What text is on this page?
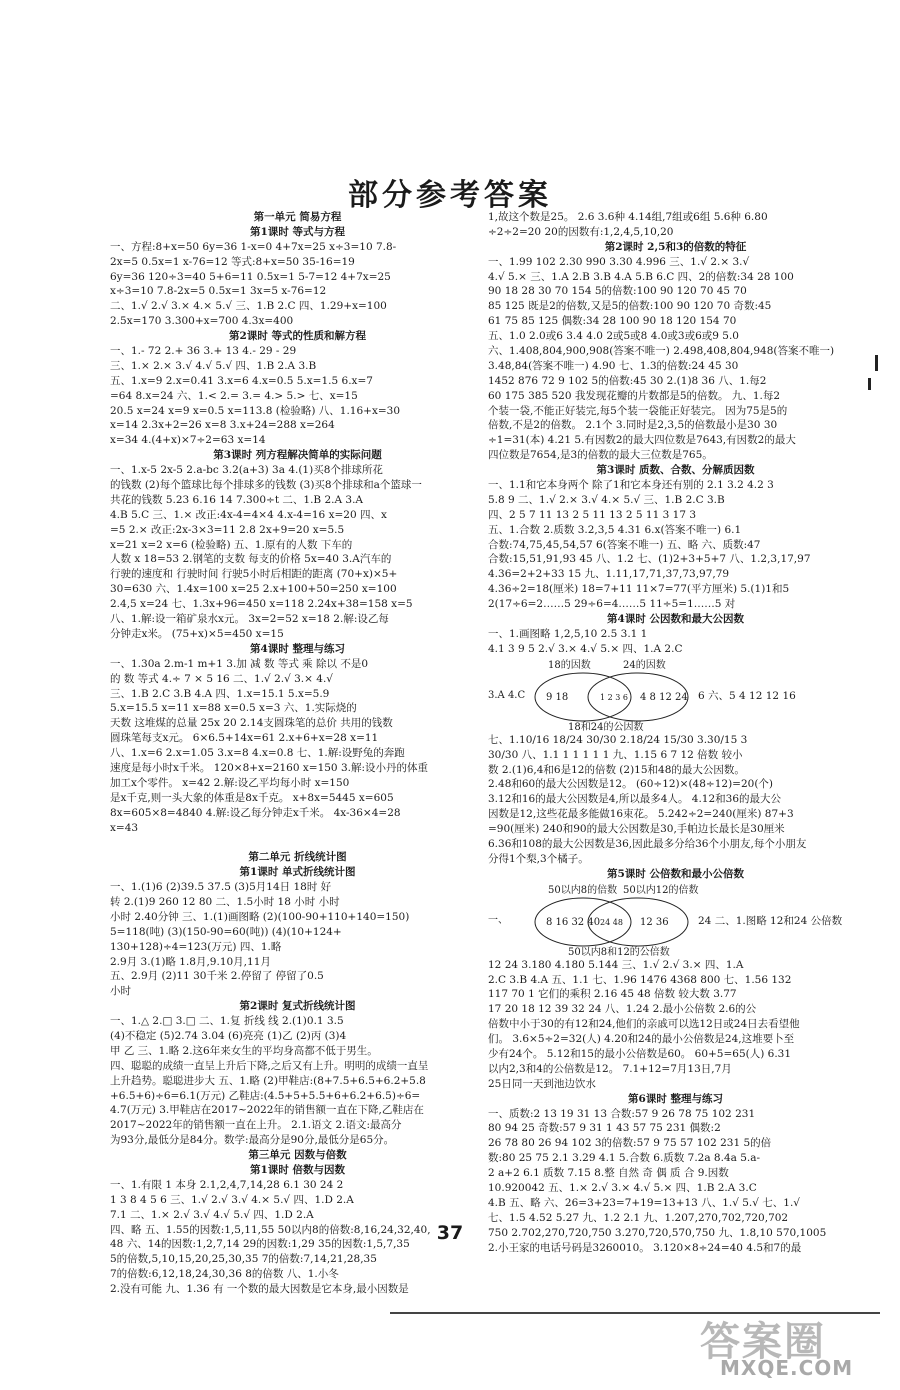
部分参考答案
第一单元 简易方程
第1课时 等式与方程
一、方程:8+x=50 6y=36 1-x=0 4+7x=25 x÷3=10 7.8-
2x=5 0.5x=1 x-76=12 等式:8+x=50 35-16=19
6y=36 120÷3=40 5+6=11 0.5x=1 5-7=12 4+7x=25
x÷3=10 7.8-2x=5 0.5x=1 3x=5 x-76=12
二、1.√ 2.√ 3.× 4.× 5.√ 三、1.B 2.C 四、1.29+x=100
2.5x=170 3.300+x=700 4.3x=400
第2课时 等式的性质和解方程
一、1.- 72 2.+ 36 3.+ 13 4.- 29 - 29
三、1.× 2.× 3.√ 4.√ 5.√ 四、1.B 2.A 3.B
五、1.x=9 2.x=0.41 3.x=6 4.x=0.5 5.x=1.5 6.x=7
=64 8.x=24 六、1.< 2.= 3.= 4.> 5.> 七、x=15
20.5 x=24 x=9 x=0.5 x=113.8 (检验略) 八、1.16+x=30
x=14 2.3x+2=26 x=8 3.x+24=288 x=264
x=34 4.(4+x)×7÷2=63 x=14
第3课时 列方程解决简单的实际问题
一、1.x-5 2x-5 2.a-bc 3.2(a+3) 3a 4.(1)买8个排球所花
的钱数 (2)每个篮球比每个排球多的钱数 (3)买8个排球和a个篮球一
共花的钱数 5.23 6.16 14 7.300÷t 二、1.B 2.A 3.A
4.B 5.C 三、1.× 改正:4x-4=4×4 4.x-4=16 x=20 四、x
=5 2.× 改正:2x-3×3=11 2.8 2x+9=20 x=5.5
x=21 x=2 x=6 (检验略) 五、1.原有的人数 下车的
人数 x 18=53 2.钢笔的支数 每支的价格 5x=40 3.A汽车的
行驶的速度和 行驶时间 行驶5小时后相距的距离 (70+x)×5+
30=630 六、1.4x=100 x=25 2.x+100+50=250 x=100
2.4,5 x=24 七、1.3x+96=450 x=118 2.24x+38=158 x=5
八、1.解:设一箱矿泉水x元。 3x=2=52 x=18 2.解:设乙每
分钟走x米。 (75+x)×5=450 x=15
第4课时 整理与练习
一、1.30a 2.m-1 m+1 3.加 减 数 等式 乘 除以 不是0
的 数 等式 4.÷ 7 × 5 16 二、1.√ 2.√ 3.× 4.√
三、1.B 2.C 3.B 4.A 四、1.x=15.1 5.x=5.9
5.x=15.5 x=11 x=88 x=0.5 x=3 六、1.实际烧的
天数 这堆煤的总量 25x 20 2.14支圆珠笔的总价 共用的钱数
圆珠笔每支x元。 6×6.5+14x=61 2.x+6+x=28 x=11
八、1.x=6 2.x=1.05 3.x=8 4.x=0.8 七、1.解:设野兔的奔跑
速度是每小时x千米。 120×8+x=2160 x=150 3.解:设小丹的体重
加工x个零件。 x=42 2.解:设乙平均每小时 x=150
是x千克,则一头大象的体重是8x千克。 x+8x=5445 x=605
8x=605×8=4840 4.解:设乙每分钟走x千米。 4x-36×4=28
x=43
第二单元 折线统计图
第1课时 单式折线统计图
一、1.(1)6 (2)39.5 37.5 (3)5月14日 18时 好
转 2.(1)9 260 12 80 二、1.5小时 18 小时 小时
小时 2.40分钟 三、1.(1)画图略 (2)(100-90+110+140=150)
5=118(吨) (3)(150-90=60(吨)) (4)(10+124+
130+128)÷4=123(万元) 四、1.略
2.9月 3.(1)略 1.8月,9.10月,11月
五、2.9月 (2)11 30千米 2.停留了 停留了0.5
小时
第2课时 复式折线统计图
一、1.△ 2.□ 3.□ 二、1.复 折线 线 2.(1)0.1 3.5
(4)不稳定 (5)2.74 3.04 (6)亮亮 (1)乙 (2)丙 (3)4
甲 乙 三、1.略 2.这6年来女生的平均身高都不低于男生。
四、聪聪的成绩一直呈上升后下降,之后又有上升。明明的成绩一直呈
上升趋势。聪聪进步大 五、1.略 (2)甲鞋店:(8+7.5+6.5+6.2+5.8
+6.5+6)÷6=6.1(万元) 乙鞋店:(4.5+5+5.5+6+6.2+6.5)÷6=
4.7(万元) 3.甲鞋店在2017~2022年的销售额一直在下降,乙鞋店在
2017~2022年的销售额一直在上升。 2.1.语文 2.语文:最高分
为93分,最低分是84分。数学:最高分是90分,最低分是65分。
第三单元 因数与倍数
第1课时 倍数与因数
一、1.有限 1 本身 2.1,2,4,7,14,28 6.1 30 24 2
1 3 8 4 5 6 三、1.√ 2.√ 3.√ 4.× 5.√ 四、1.D 2.A
7.1 二、1.× 2.√ 3.√ 4.√ 5.√ 四、1.D 2.A
四、略 五、1.55的因数:1,5,11,55 50以内8的倍数:8,16,24,32,40,
48 六、14的因数:1,2,7,14 29的因数:1,29 35的因数:1,5,7,35
5的倍数,5,10,15,20,25,30,35 7的倍数:7,14,21,28,35
7的倍数:6,12,18,24,30,36 8的倍数 八、1.小冬
2.没有可能 九、1.36 有 一个数的最大因数是它本身,最小因数是
1,故这个数是25。 2.6 3.6种 4.14组,7组或6组 5.6种 6.80
÷2÷2=20 20的因数有:1,2,4,5,10,20
第2课时 2,5和3的倍数的特征
一、1.99 102 2.30 990 3.30 4.996 三、1.√ 2.× 3.√
4.√ 5.× 三、1.A 2.B 3.B 4.A 5.B 6.C 四、2的倍数:34 28 100
90 18 28 30 70 154 5的倍数:100 90 120 70 45 70
85 125 既是2的倍数,又是5的倍数:100 90 120 70 奇数:45
61 75 85 125 偶数:34 28 100 90 18 120 154 70
五、1.0 2.0或6 3.4 4.0 2或5或8 4.0或3或6或9 5.0
六、1.408,804,900,908(答案不唯一) 2.498,408,804,948(答案不唯一)
3.48,84(答案不唯一) 4.90 七、1.3的倍数:24 45 30
1452 876 72 9 102 5的倍数:45 30 2.(1)8 36 八、1.每2
60 175 385 520 我发现花瓣的片数都是5的倍数。 九、1.每2
个装一袋,不能正好装完,每5个装一袋能正好装完。 因为75是5的
倍数,不是2的倍数。 2.1个 3.同时是2,3,5的倍数最小是30 30
÷1=31(本) 4.21 5.有因数2的最大四位数是7643,有因数2的最大
四位数是7654,是3的倍数的最大三位数是765。
第3课时 质数、合数、分解质因数
一、1.1和它本身两个 除了1和它本身还有别的 2.1 3.2 4.2 3
5.8 9 二、1.√ 2.× 3.√ 4.× 5.√ 三、1.B 2.C 3.B
四、2 5 7 11 13 2 5 11 13 2 5 11 3 17 3
五、1.合数 2.质数 3.2,3,5 4.31 6.x(答案不唯一) 6.1
合数:74,75,45,54,57 6(答案不唯一) 五、略 六、质数:47
合数:15,51,91,93 45 八、1.2 七、(1)2+3+5+7 八、1.2,3,17,97
4.36=2+2+33 15 九、1.11,17,71,37,73,97,79
4.36÷2=18(厘米) 18=7+11 11×7=77(平方厘米) 5.(1)1和5
2(17÷6=2……5 29÷6=4……5 11÷5=1……5 对
第4课时 公因数和最大公因数
一、1.画图略 1,2,5,10 2.5 3.1 1
4.1 3 9 5 2.√ 3.× 4.√ 5.× 四、1.A 2.C
3.A 4.C
18的因数	24的因数
9 18	1 2 3 6 4 8 12 24
18和24的公因数
6 六、5 4 12 12 16
七、1.10/16 18/24 30/30 2.18/24 15/30 3.30/15 3
30/30 八、1.1 1 1 1 1 1 九、1.15 6 7 12 倍数 较小
数 2.(1)6,4和6是12的倍数 (2)15和48的最大公因数。
2.48和60的最大公因数是12。 (60÷12)×(48÷12)=20(个)
3.12和16的最大公因数是4,所以最多4人。 4.12和36的最大公
因数是12,这些花最多能做16束花。 5.242÷2=240(厘米) 87+3
=90(厘米) 240和90的最大公因数是30,手帕边长最长是30厘米
6.36和108的最大公因数是36,因此最多分给36个小朋友,每个小朋友
分得1个梨,3个橘子。
第5课时 公倍数和最小公倍数
一、
50以内8的倍数 50以内12的倍数
8 16 32 40 24 48 12 36
50以内8和12的公倍数
24 二、1.图略 12和24 公倍数
12 24 3.180 4.180 5.144 三、1.√ 2.√ 3.× 四、1.A
2.C 3.B 4.A 五、1.1 七、1.96 1476 4368 800 七、1.56 132
117 70 1 它们的乘积 2.16 45 48 倍数 较大数 3.77
17 20 18 12 39 32 24 八、1.24 2.最小公倍数 2.6的公
倍数中小于30的有12和24,他们的亲戚可以选12日或24日去看望他
们。 3.6×5÷2=32(人) 4.20和24的最小公倍数是24,这堆要卜至
少有24个。 5.12和15的最小公倍数是60。 60+5=65(人) 6.31
以内2,3和4的公倍数是12。 7.1+12=7月13日,7月
25日同一天到池边饮水
第6课时 整理与练习
一、质数:2 13 19 31 13 合数:57 9 26 78 75 102 231
80 94 25 奇数:57 9 31 1 43 57 75 231 偶数:2
26 78 80 26 94 102 3的倍数:57 9 75 57 102 231 5的倍
数:80 25 75 2.1 3.29 4.1 5.合数 6.质数 7.2a 8.4a 5.a-
2 a+2 6.1 质数 7.15 8.整 自然 奇 偶 质 合 9.因数
10.920042 五、1.× 2.√ 3.× 4.√ 5.× 四、1.B 2.A 3.C
4.B 五、略 六、26=3+23=7+19=13+13 八、1.√ 5.√ 七、1.√
七、1.5 4.52 5.27 九、1.2 2.1 九、1.207,270,702,720,702
750 2.702,270,720,750 3.270,720,570,750 九、1.8,10 570,1005
2.小王家的电话号码是3260010。 3.120×8÷24=40 4.5和7的最
37
答案圈
MXQE.COM
